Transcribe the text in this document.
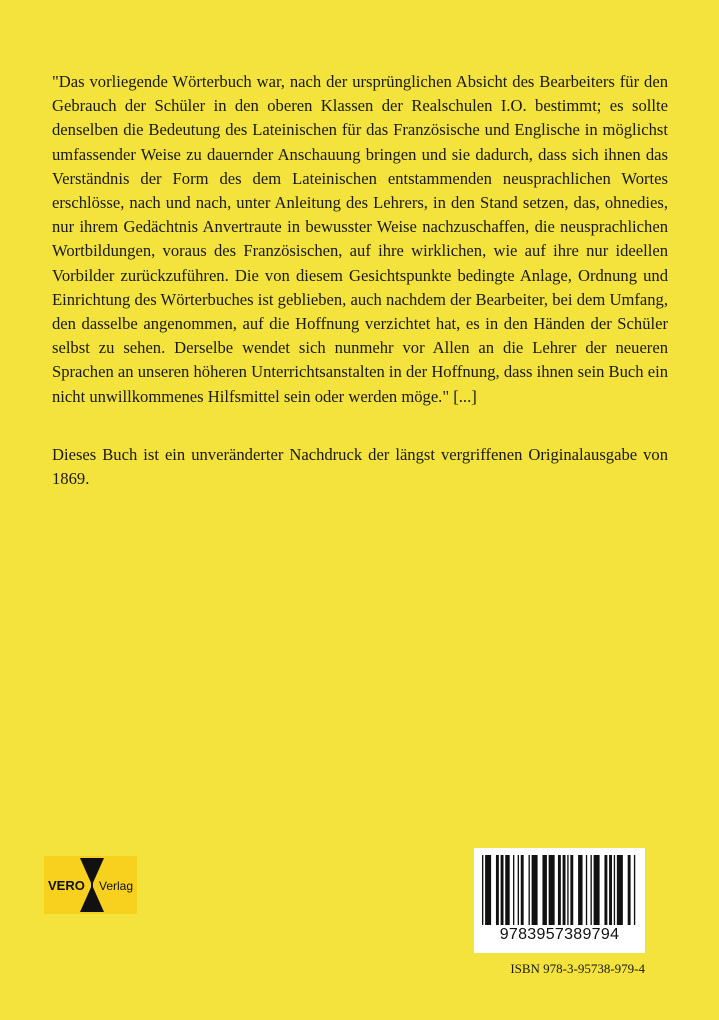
"Das vorliegende Wörterbuch war, nach der ursprünglichen Absicht des Bearbeiters für den Gebrauch der Schüler in den oberen Klassen der Realschulen I.O. bestimmt; es sollte denselben die Bedeutung des Lateinischen für das Französische und Englische in möglichst umfassender Weise zu dauernder Anschauung bringen und sie dadurch, dass sich ihnen das Verständnis der Form des dem Lateinischen entstammenden neusprachlichen Wortes erschlösse, nach und nach, unter Anleitung des Lehrers, in den Stand setzen, das, ohnedies, nur ihrem Gedächtnis Anvertraute in bewusster Weise nachzuschaffen, die neusprachlichen Wortbildungen, voraus des Französischen, auf ihre wirklichen, wie auf ihre nur ideellen Vorbilder zurückzuführen. Die von diesem Gesichtspunkte bedingte Anlage, Ordnung und Einrichtung des Wörterbuches ist geblieben, auch nachdem der Bearbeiter, bei dem Umfang, den dasselbe angenommen, auf die Hoffnung verzichtet hat, es in den Händen der Schüler selbst zu sehen. Derselbe wendet sich nunmehr vor Allen an die Lehrer der neueren Sprachen an unseren höheren Unterrichtsanstalten in der Hoffnung, dass ihnen sein Buch ein nicht unwillkommenes Hilfsmittel sein oder werden möge." [...]

Dieses Buch ist ein unveränderter Nachdruck der längst vergriffenen Originalausgabe von 1869.

VERO Verlag
9783957389794
ISBN 978-3-95738-979-4
